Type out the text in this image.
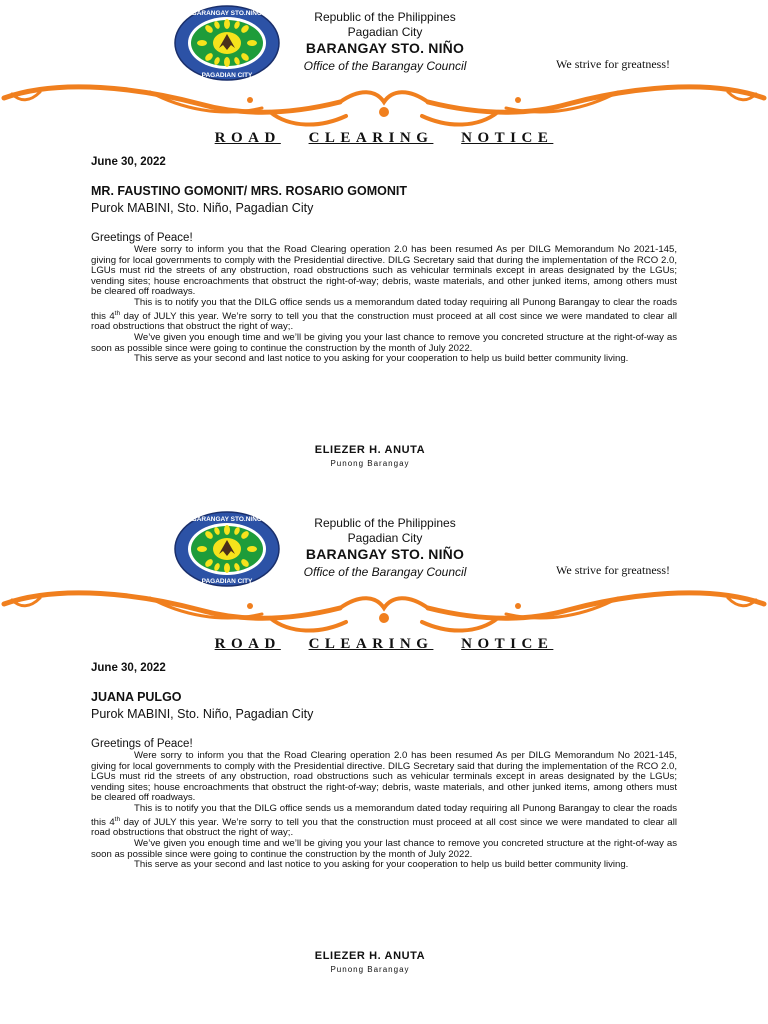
BARANGAY STO.NIÑO
PAGADIAN CITY
Republic of the Philippines
Pagadian City
BARANGAY STO. NIÑO
Office of the Barangay Council	We strive for greatness!
ROAD CLEARING NOTICE
June 30, 2022
MR. FAUSTINO GOMONIT/ MRS. ROSARIO GOMONIT
Purok MABINI, Sto. Niño, Pagadian City
Greetings of Peace!

Were sorry to inform you that the Road Clearing operation 2.0 has been resumed As per DILG Memorandum No 2021-145, giving for local governments to comply with the Presidential directive. DILG Secretary said that during the implementation of the RCO 2.0, LGUs must rid the streets of any obstruction, road obstructions such as vehicular terminals except in areas designated by the LGUs; vending sites; house encroachments that obstruct the right-of-way; debris, waste materials, and other junked items, among others must be cleared off roadways.

This is to notify you that the DILG office sends us a memorandum dated today requiring all Punong Barangay to clear the roads this 4th day of JULY this year. We’re sorry to tell you that the construction must proceed at all cost since we were mandated to clear all road obstructions that obstruct the right of way;.

We’ve given you enough time and we’ll be giving you your last chance to remove you concreted structure at the right-of-way as soon as possible since were going to continue the construction by the month of July 2022.

This serve as your second and last notice to you asking for your cooperation to help us build better community living.

ELIEZER H. ANUTA
Punong Barangay
BARANGAY STO.NIÑO
PAGADIAN CITY
Republic of the Philippines
Pagadian City
BARANGAY STO. NIÑO
Office of the Barangay Council	We strive for greatness!
ROAD CLEARING NOTICE
June 30, 2022
JUANA PULGO
Purok MABINI, Sto. Niño, Pagadian City
Greetings of Peace!

Were sorry to inform you that the Road Clearing operation 2.0 has been resumed As per DILG Memorandum No 2021-145, giving for local governments to comply with the Presidential directive. DILG Secretary said that during the implementation of the RCO 2.0, LGUs must rid the streets of any obstruction, road obstructions such as vehicular terminals except in areas designated by the LGUs; vending sites; house encroachments that obstruct the right-of-way; debris, waste materials, and other junked items, among others must be cleared off roadways.

This is to notify you that the DILG office sends us a memorandum dated today requiring all Punong Barangay to clear the roads this 4th day of JULY this year. We’re sorry to tell you that the construction must proceed at all cost since we were mandated to clear all road obstructions that obstruct the right of way;.

We’ve given you enough time and we’ll be giving you your last chance to remove you concreted structure at the right-of-way as soon as possible since were going to continue the construction by the month of July 2022.

This serve as your second and last notice to you asking for your cooperation to help us build better community living.

ELIEZER H. ANUTA
Punong Barangay
